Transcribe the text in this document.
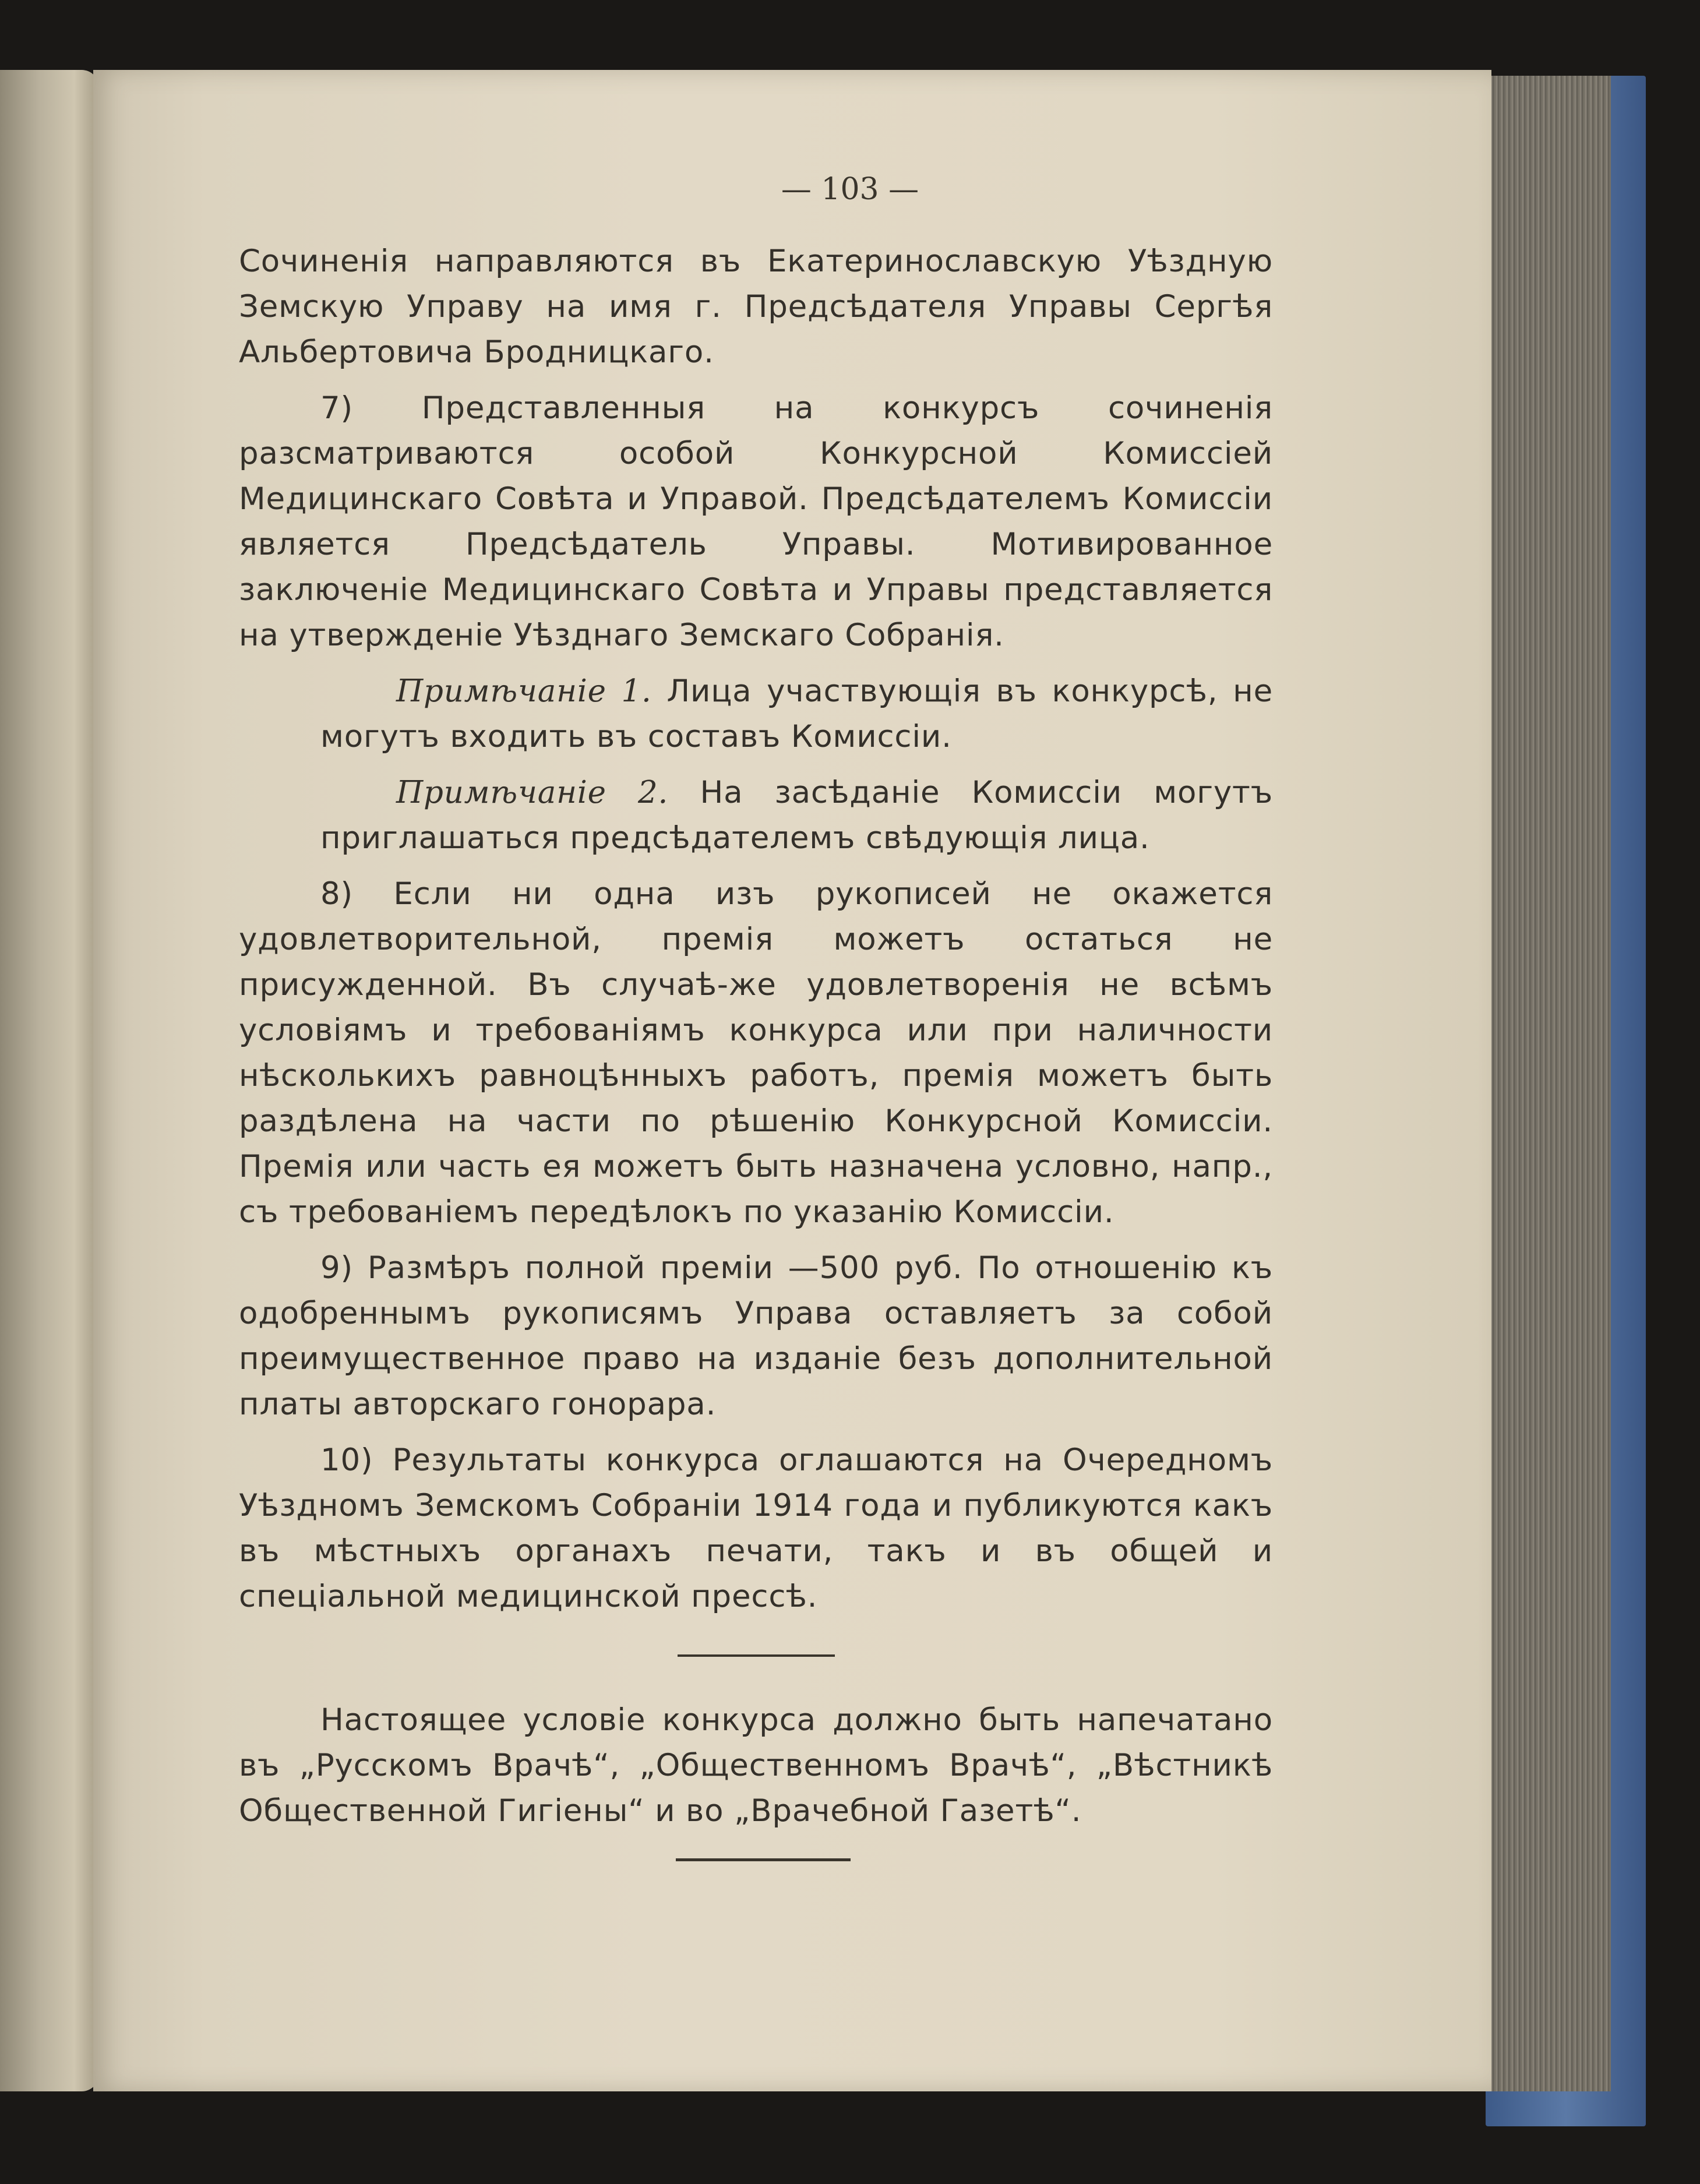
— 103 —

Сочиненія направляются въ Екатеринославскую Уѣздную Земскую Управу на имя г. Предсѣдателя Управы Сергѣя Альбертовича Бродницкаго.

7) Представленныя на конкурсъ сочиненія разсматриваются особой Конкурсной Комиссіей Медицинскаго Совѣта и Управой. Предсѣдателемъ Комиссіи является Предсѣдатель Управы. Мотивированное заключеніе Медицинскаго Совѣта и Управы представляется на утвержденіе Уѣзднаго Земскаго Собранія.

Примѣчаніе 1. Лица участвующія въ конкурсѣ, не могутъ входить въ составъ Комиссіи.

Примѣчаніе 2. На засѣданіе Комиссіи могутъ приглашаться предсѣдателемъ свѣдующія лица.

8) Если ни одна изъ рукописей не окажется удовлетворительной, премія можетъ остаться не присужденной. Въ случаѣ-же удовлетворенія не всѣмъ условіямъ и требованіямъ конкурса или при наличности нѣсколькихъ равноцѣнныхъ работъ, премія можетъ быть раздѣлена на части по рѣшенію Конкурсной Комиссіи. Премія или часть ея можетъ быть назначена условно, напр., съ требованіемъ передѣлокъ по указанію Комиссіи.

9) Размѣръ полной преміи —500 руб. По отношенію къ одобреннымъ рукописямъ Управа оставляетъ за собой преимущественное право на изданіе безъ дополнительной платы авторскаго гонорара.

10) Результаты конкурса оглашаются на Очередномъ Уѣздномъ Земскомъ Собраніи 1914 года и публикуются какъ въ мѣстныхъ органахъ печати, такъ и въ общей и спеціальной медицинской прессѣ.

Настоящее условіе конкурса должно быть напечатано въ „Русскомъ Врачѣ“, „Общественномъ Врачѣ“, „Вѣстникѣ Общественной Гигіены“ и во „Врачебной Газетѣ“.
